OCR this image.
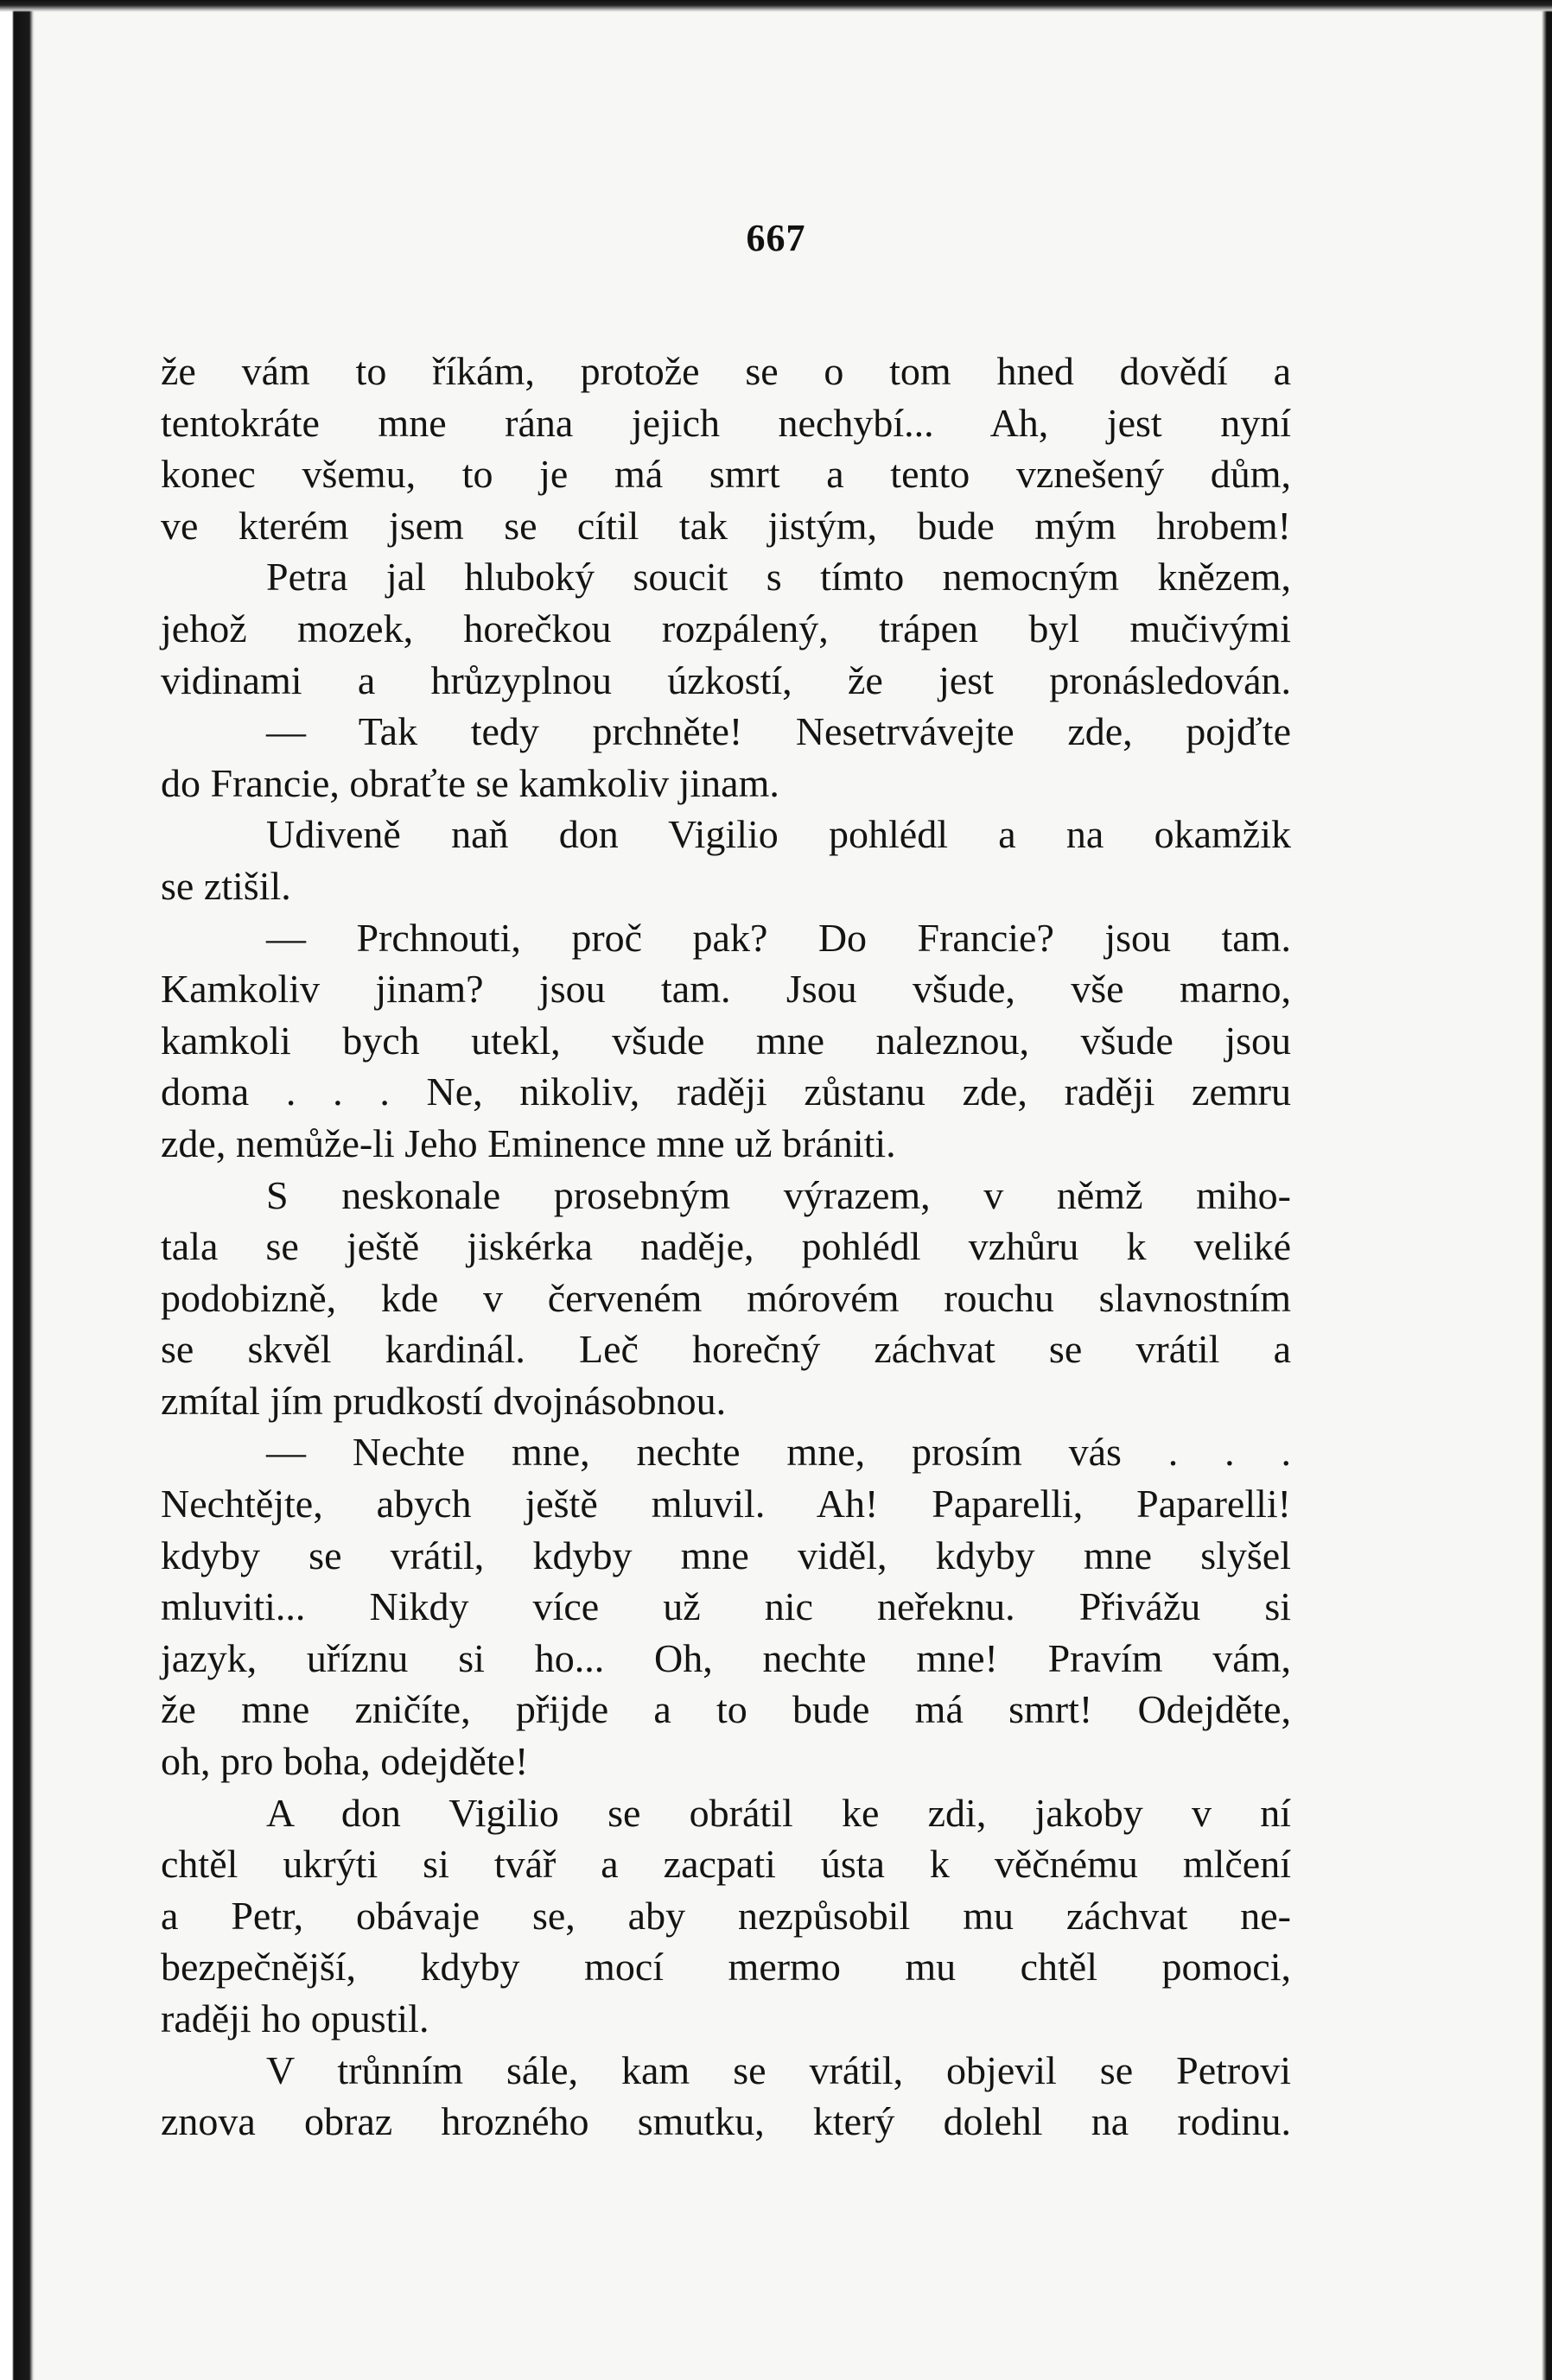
667
že vám to říkám, protože se o tom hned dovědí a
tentokráte mne rána jejich nechybí... Ah, jest nyní
konec všemu, to je má smrt a tento vznešený dům,
ve kterém jsem se cítil tak jistým, bude mým hrobem!
Petra jal hluboký soucit s tímto nemocným knězem,
jehož mozek, horečkou rozpálený, trápen byl mučivými
vidinami a hrůzyplnou úzkostí, že jest pronásledován.
— Tak tedy prchněte! Nesetrvávejte zde, pojďte
do Francie, obraťte se kamkoliv jinam.
Udiveně naň don Vigilio pohlédl a na okamžik
se ztišil.
— Prchnouti, proč pak? Do Francie? jsou tam.
Kamkoliv jinam? jsou tam. Jsou všude, vše marno,
kamkoli bych utekl, všude mne naleznou, všude jsou
doma . . . Ne, nikoliv, raději zůstanu zde, raději zemru
zde, nemůže-li Jeho Eminence mne už brániti.
S neskonale prosebným výrazem, v němž miho-
tala se ještě jiskérka naděje, pohlédl vzhůru k veliké
podobizně, kde v červeném mórovém rouchu slavnostním
se skvěl kardinál. Leč horečný záchvat se vrátil a
zmítal jím prudkostí dvojnásobnou.
— Nechte mne, nechte mne, prosím vás . . .
Nechtějte, abych ještě mluvil. Ah! Paparelli, Paparelli!
kdyby se vrátil, kdyby mne viděl, kdyby mne slyšel
mluviti... Nikdy více už nic neřeknu. Přivážu si
jazyk, uříznu si ho... Oh, nechte mne! Pravím vám,
že mne zničíte, přijde a to bude má smrt! Odejděte,
oh, pro boha, odejděte!
A don Vigilio se obrátil ke zdi, jakoby v ní
chtěl ukrýti si tvář a zacpati ústa k věčnému mlčení
a Petr, obávaje se, aby nezpůsobil mu záchvat ne-
bezpečnější, kdyby mocí mermo mu chtěl pomoci,
raději ho opustil.
V trůnním sále, kam se vrátil, objevil se Petrovi
znova obraz hrozného smutku, který dolehl na rodinu.
